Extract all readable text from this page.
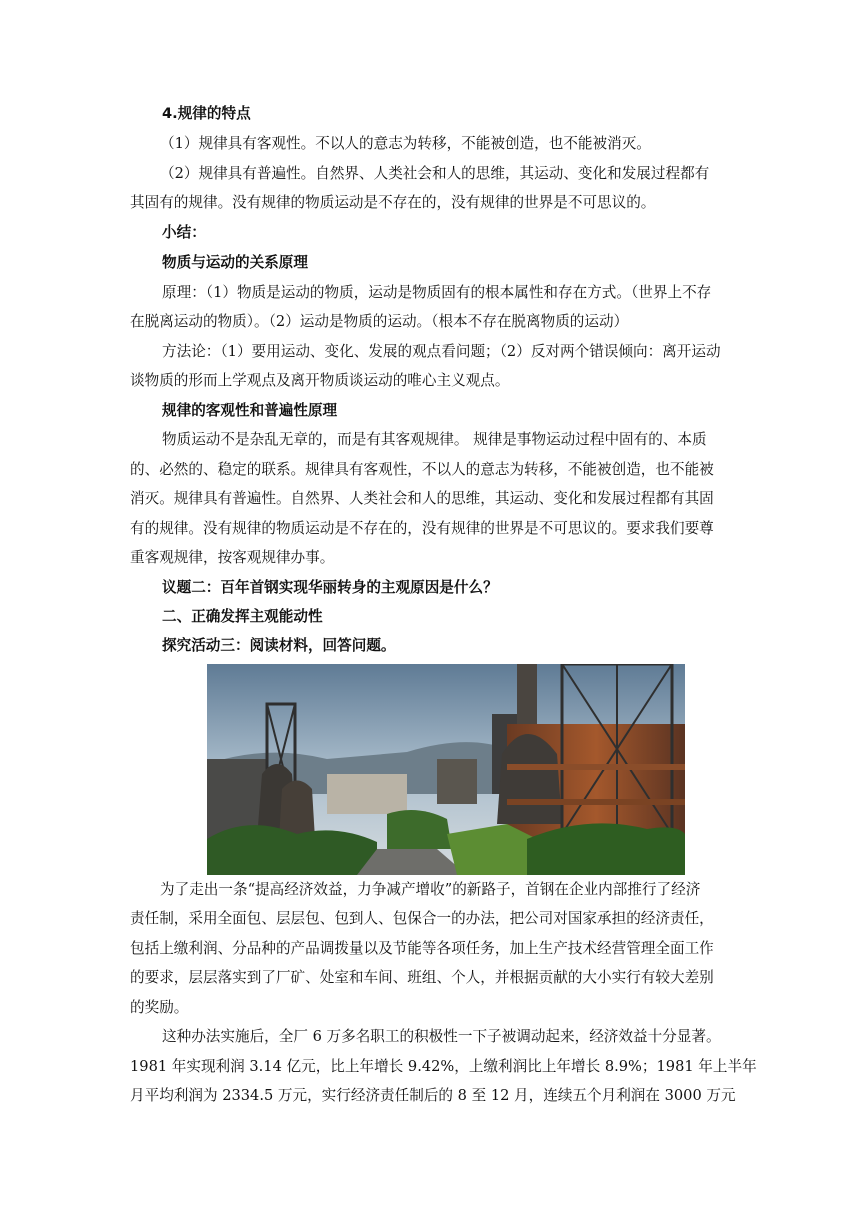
4.规律的特点
（1）规律具有客观性。不以人的意志为转移，不能被创造，也不能被消灭。
（2）规律具有普遍性。自然界、人类社会和人的思维，其运动、变化和发展过程都有
其固有的规律。没有规律的物质运动是不存在的，没有规律的世界是不可思议的。
小结：
物质与运动的关系原理
原理：（1）物质是运动的物质，运动是物质固有的根本属性和存在方式。（世界上不存
在脱离运动的物质）。（2）运动是物质的运动。（根本不存在脱离物质的运动）
方法论：（1）要用运动、变化、发展的观点看问题；（2）反对两个错误倾向：离开运动
谈物质的形而上学观点及离开物质谈运动的唯心主义观点。
规律的客观性和普遍性原理
物质运动不是杂乱无章的，而是有其客观规律。 规律是事物运动过程中固有的、本质
的、必然的、稳定的联系。规律具有客观性，不以人的意志为转移，不能被创造，也不能被
消灭。规律具有普遍性。自然界、人类社会和人的思维，其运动、变化和发展过程都有其固
有的规律。没有规律的物质运动是不存在的，没有规律的世界是不可思议的。要求我们要尊
重客观规律，按客观规律办事。
议题二：百年首钢实现华丽转身的主观原因是什么？
二、正确发挥主观能动性
探究活动三：阅读材料，回答问题。
为了走出一条“提高经济效益，力争减产增收”的新路子，首钢在企业内部推行了经济
责任制，采用全面包、层层包、包到人、包保合一的办法，把公司对国家承担的经济责任，
包括上缴利润、分品种的产品调拨量以及节能等各项任务，加上生产技术经营管理全面工作
的要求，层层落实到了厂矿、处室和车间、班组、个人，并根据贡献的大小实行有较大差别
的奖励。
这种办法实施后，全厂 6 万多名职工的积极性一下子被调动起来，经济效益十分显著。
1981 年实现利润 3.14 亿元，比上年增长 9.42%，上缴利润比上年增长 8.9%；1981 年上半年
月平均利润为 2334.5 万元，实行经济责任制后的 8 至 12 月，连续五个月利润在 3000 万元
